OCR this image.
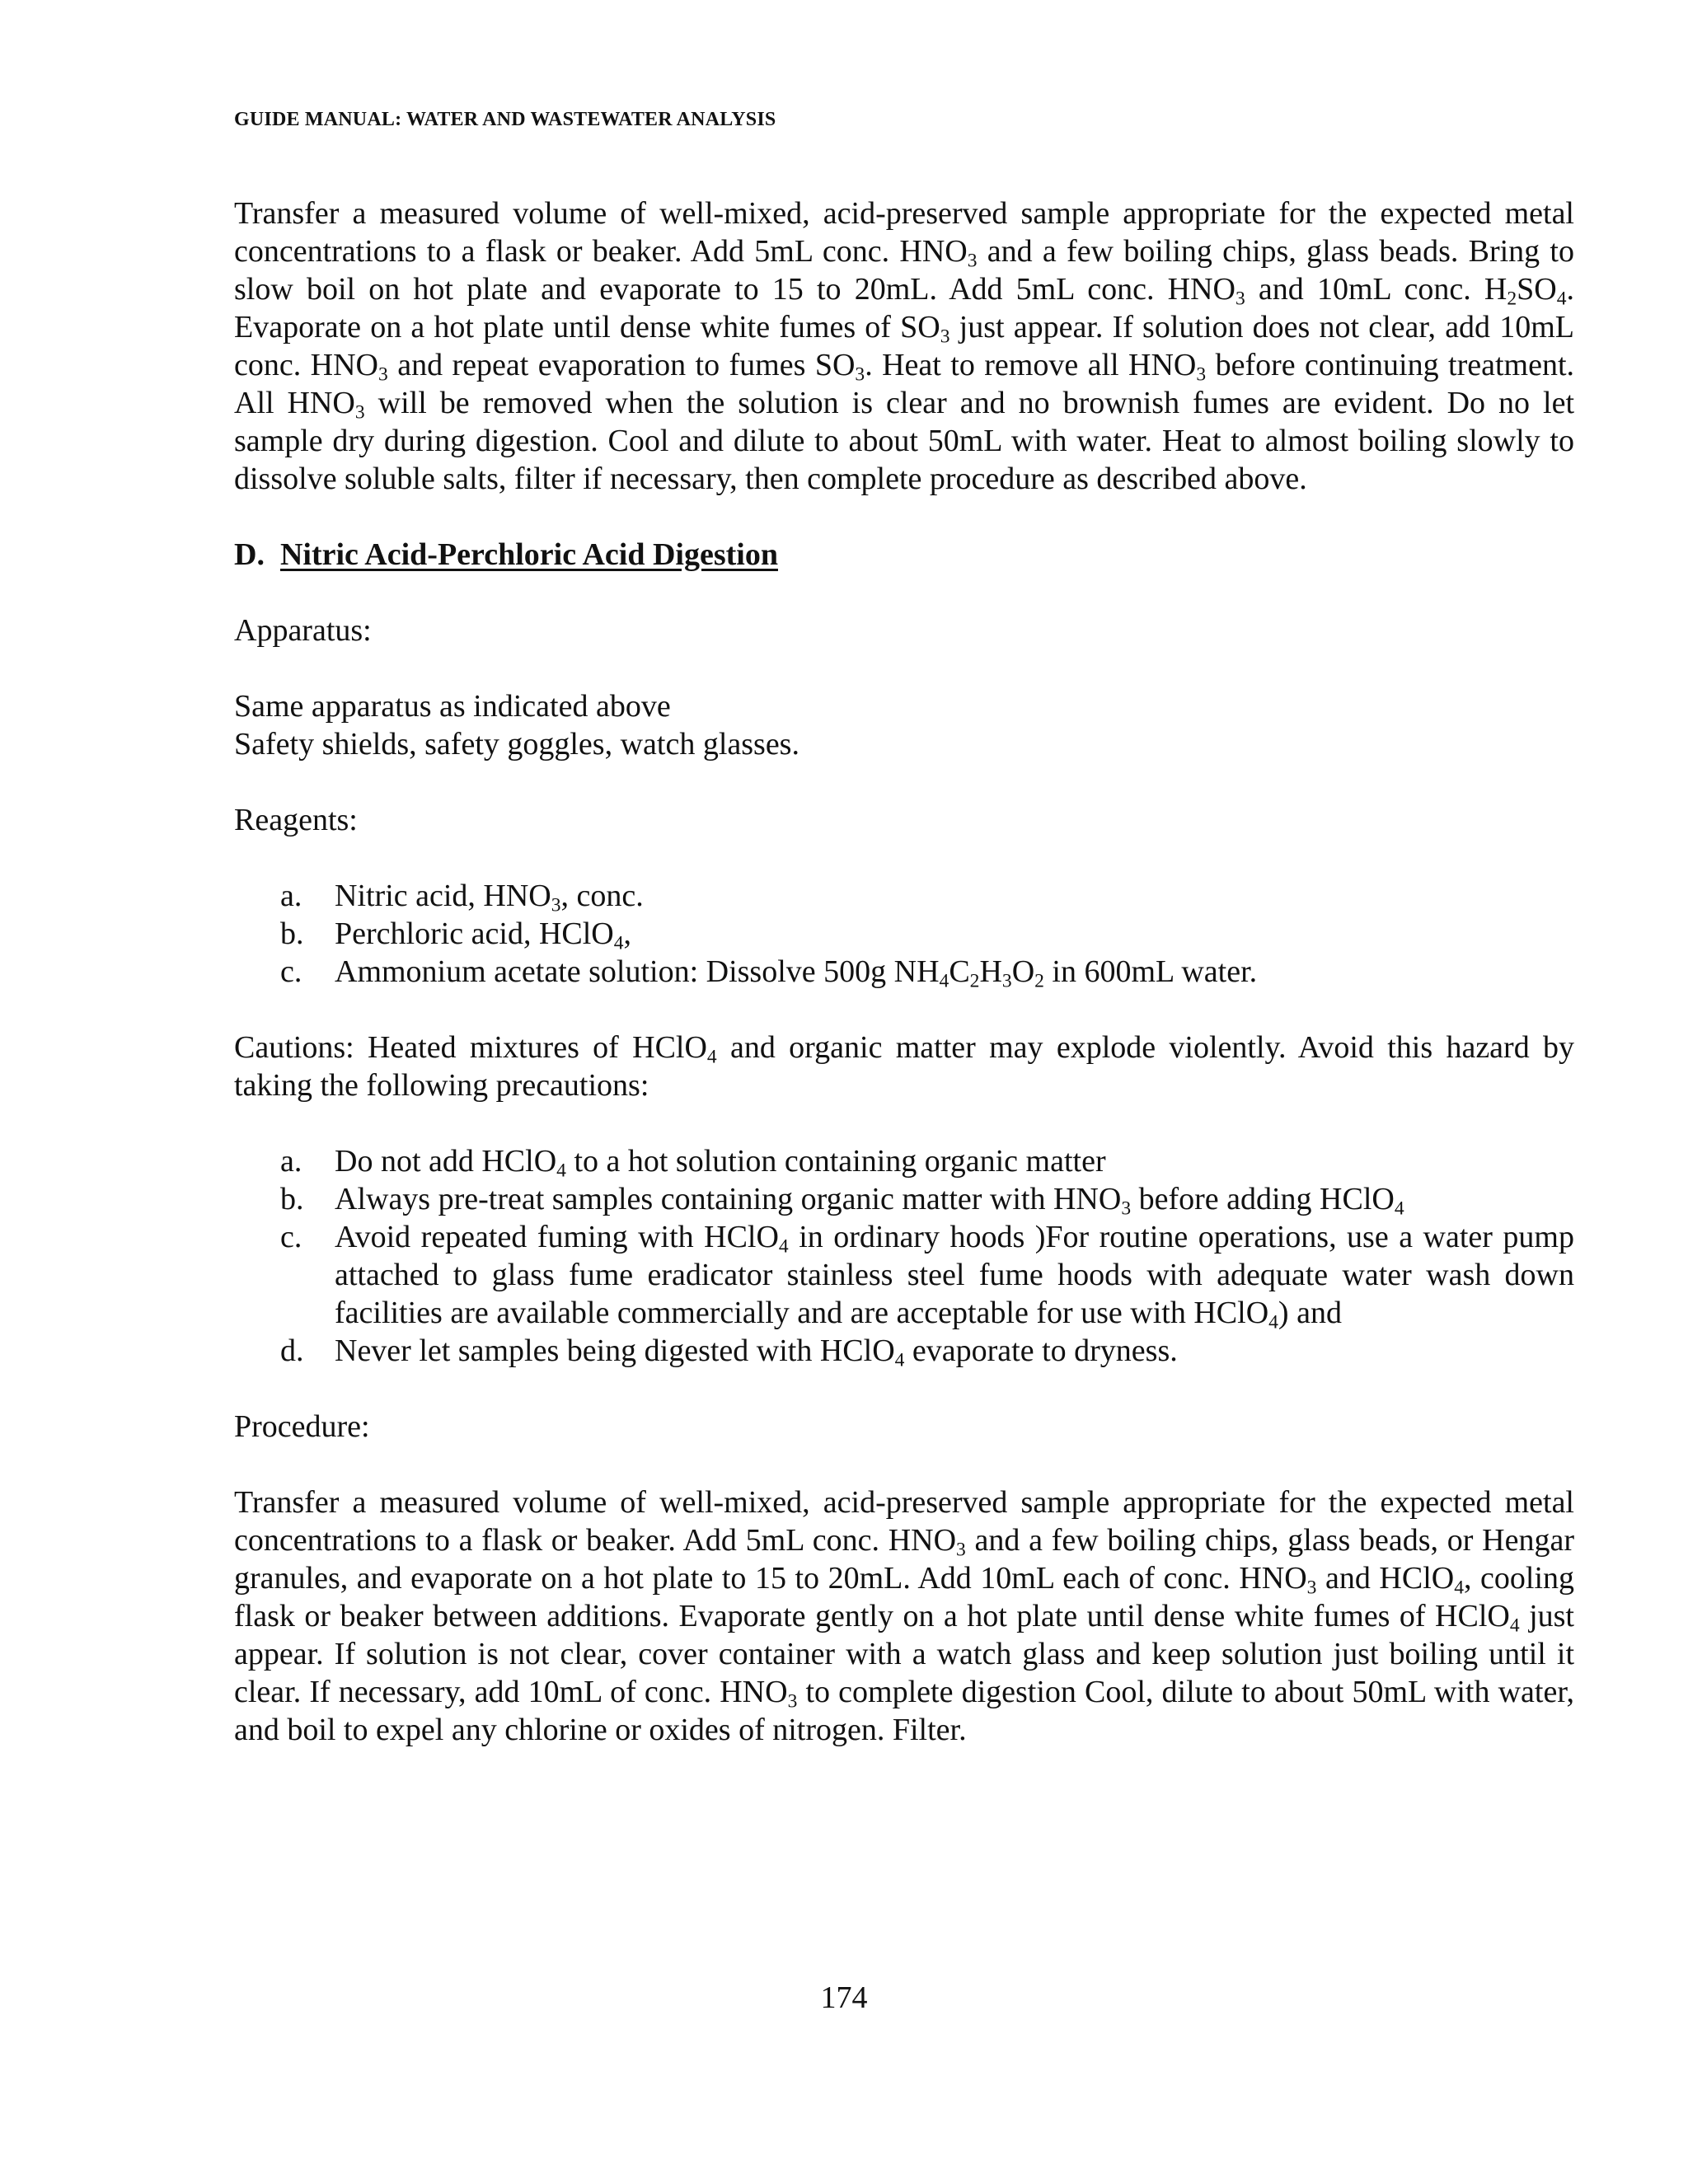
GUIDE MANUAL: WATER AND WASTEWATER ANALYSIS

Transfer a measured volume of well-mixed, acid-preserved sample appropriate for the expected metal concentrations to a flask or beaker. Add 5mL conc. $HNO_3$ and a few boiling chips, glass beads. Bring to slow boil on hot plate and evaporate to 15 to 20mL. Add 5mL conc. $HNO_3$ and 10mL conc. $H_2SO_4$. Evaporate on a hot plate until dense white fumes of $SO_3$ just appear. If solution does not clear, add 10mL conc. $HNO_3$ and repeat evaporation to fumes $SO_3$. Heat to remove all $HNO_3$ before continuing treatment. All $HNO_3$ will be removed when the solution is clear and no brownish fumes are evident. Do no let sample dry during digestion. Cool and dilute to about 50mL with water. Heat to almost boiling slowly to dissolve soluble salts, filter if necessary, then complete procedure as described above.

D. Nitric Acid-Perchloric Acid Digestion

Apparatus:

Same apparatus as indicated above

Safety shields, safety goggles, watch glasses.

Reagents:

a.	Nitric acid, $HNO_3$, conc.
b. Perchloric acid, HClO$_4$,
c.	Ammonium acetate solution: Dissolve 500g $NH_4C_2H_3O_2$ in 600mL water.

Cautions: Heated mixtures of HClO$_4$ and organic matter may explode violently. Avoid this hazard by taking the following precautions:

a.	Do not add HClO$_4$ to a hot solution containing organic matter
b. Always pre-treat samples containing organic matter with $HNO_3$ before adding HClO$_4$
c.	Avoid repeated fuming with HClO$_4$ in ordinary hoods )For routine operations, use a water pump attached to glass fume eradicator stainless steel fume hoods with adequate water wash down facilities are available commercially and are acceptable for use with HClO$_4$) and
d. Never let samples being digested with HClO$_4$ evaporate to dryness.

Procedure:

Transfer a measured volume of well-mixed, acid-preserved sample appropriate for the expected metal concentrations to a flask or beaker. Add 5mL conc. $HNO_3$ and a few boiling chips, glass beads, or Hengar granules, and evaporate on a hot plate to 15 to 20mL. Add 10mL each of conc. $HNO_3$ and HClO$_4$, cooling flask or beaker between additions. Evaporate gently on a hot plate until dense white fumes of HClO$_4$ just appear. If solution is not clear, cover container with a watch glass and keep solution just boiling until it clear. If necessary, add 10mL of conc. $HNO_3$ to complete digestion Cool, dilute to about 50mL with water, and boil to expel any chlorine or oxides of nitrogen. Filter.

174
